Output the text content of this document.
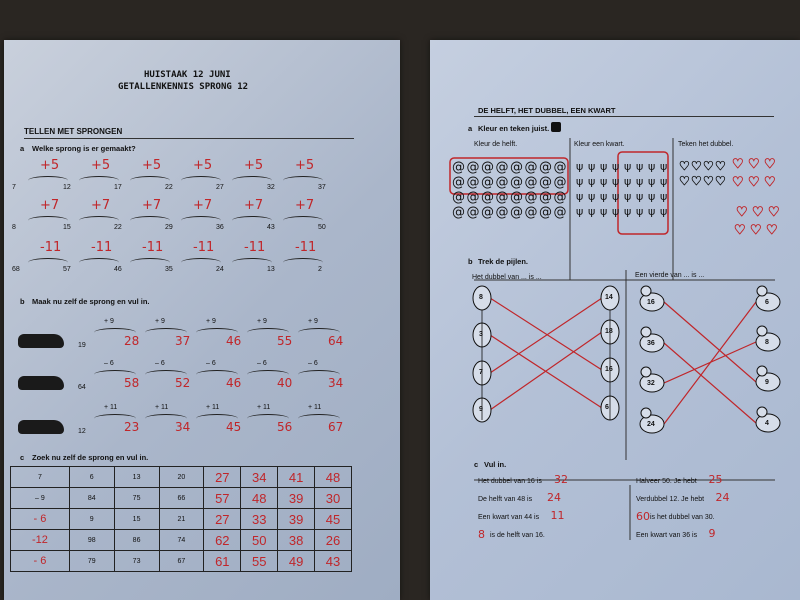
HUISTAAK 12 JUNI
GETALLENKENNIS SPRONG 12
TELLEN MET SPRONGEN
a Welke sprong is er gemaakt?
7
+5
12
+5
17
+5
22
+5
27
+5
32
+5
37
8
+7
15
+7
22
+7
29
+7
36
+7
43
+7
50
68
-11
57
-11
46
-11
35
-11
24
-11
13
-11
2
b Maak nu zelf de sprong en vul in.
19
+ 9
28
+ 9
37
+ 9
46
+ 9
55
+ 9
64
64
– 6
58
– 6
52
– 6
46
– 6
40
– 6
34
12
+ 11
23
+ 11
34
+ 11
45
+ 11
56
+ 11
67
c Zoek nu zelf de sprong en vul in.
7	6	13	20	27	34	41	48
– 9	84	75	66	57	48	39	30
- 6	9	15	21	27	33	39	45
-12	98	86	74	62	50	38	26
- 6	79	73	67	61	55	49	43
DE HELFT, HET DUBBEL, EEN KWART
a Kleur en teken juist.
Kleur de helft.	Kleur een kwart.	Teken het dubbel.
@ @ @ @ @ @ @ @
@ @ @ @ @ @ @ @
@ @ @ @ @ @ @ @
@ @ @ @ @ @ @ @
ψ ψ ψ ψ ψ ψ ψ ψ
ψ ψ ψ ψ ψ ψ ψ ψ
ψ ψ ψ ψ ψ ψ ψ ψ
ψ ψ ψ ψ ψ ψ ψ ψ
♥ ♥ ♥ ♥
♥ ♥ ♥ ♥
♥ ♥ ♥
♥ ♥ ♥
♥ ♥ ♥
♥ ♥ ♥
b Trek de pijlen.
Het dubbel van ... is ...	Een vierde van ... is ...
8
3
7
9
14
18
16
6
16
36
32
24
6
8
9
4
c Vul in.
Het dubbel van 16 is 32
De helft van 48 is 24
Een kwart van 44 is 11
8 is de helft van 16.
Halveer 50. Je hebt 25
Verdubbel 12. Je hebt 24
60 is het dubbel van 30.
Een kwart van 36 is 9
